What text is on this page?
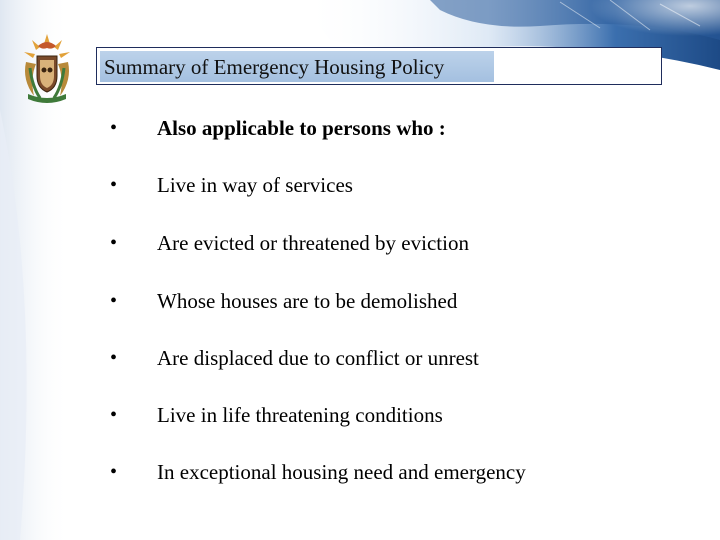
Summary of Emergency Housing Policy
• Also applicable to persons who :
• Live in way of services
• Are evicted or threatened by eviction
• Whose houses are to be demolished
• Are displaced due to conflict or unrest
• Live in life threatening conditions
• In exceptional housing need and emergency
